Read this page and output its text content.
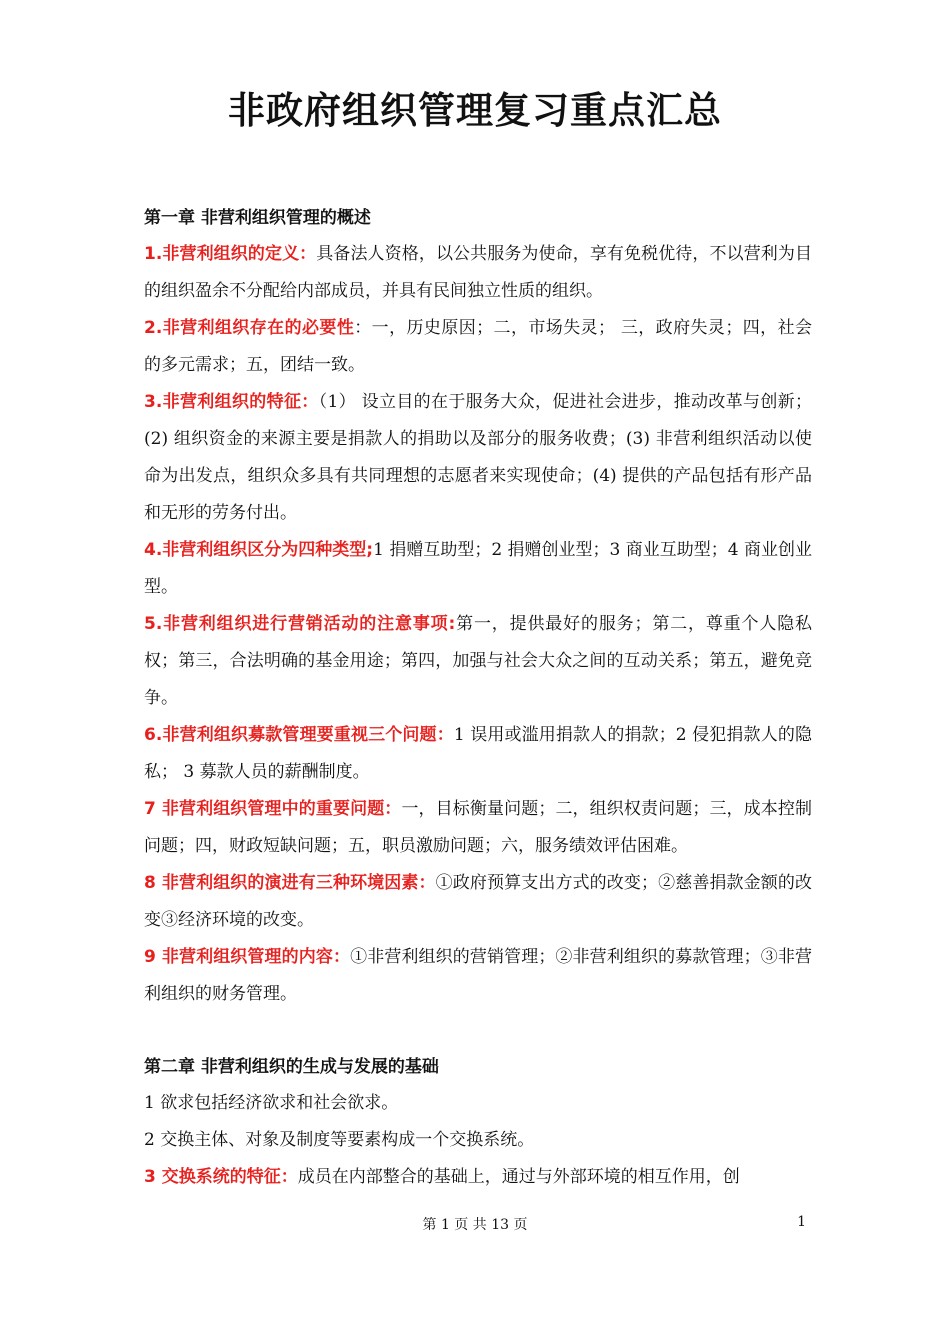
非政府组织管理复习重点汇总
第一章 非营利组织管理的概述
1.非营利组织的定义：具备法人资格，以公共服务为使命，享有免税优待，不以营利为目的组织盈余不分配给内部成员，并具有民间独立性质的组织。
2.非营利组织存在的必要性：一，历史原因；二，市场失灵； 三，政府失灵；四，社会的多元需求；五，团结一致。
3.非营利组织的特征：（1） 设立目的在于服务大众，促进社会进步，推动改革与创新；(2) 组织资金的来源主要是捐款人的捐助以及部分的服务收费；(3) 非营利组织活动以使命为出发点，组织众多具有共同理想的志愿者来实现使命；(4) 提供的产品包括有形产品和无形的劳务付出。
4.非营利组织区分为四种类型;1 捐赠互助型；2 捐赠创业型；3 商业互助型；4 商业创业型。
5.非营利组织进行营销活动的注意事项:第一，提供最好的服务；第二，尊重个人隐私权；第三，合法明确的基金用途；第四，加强与社会大众之间的互动关系；第五，避免竞争。
6.非营利组织募款管理要重视三个问题：1 误用或滥用捐款人的捐款；2 侵犯捐款人的隐私； 3 募款人员的薪酬制度。
7 非营利组织管理中的重要问题：一，目标衡量问题；二，组织权责问题；三，成本控制问题；四，财政短缺问题；五，职员激励问题；六，服务绩效评估困难。
8 非营利组织的演进有三种环境因素：①政府预算支出方式的改变；②慈善捐款金额的改变③经济环境的改变。
9 非营利组织管理的内容：①非营利组织的营销管理；②非营利组织的募款管理；③非营利组织的财务管理。
第二章 非营利组织的生成与发展的基础
1 欲求包括经济欲求和社会欲求。
2 交换主体、对象及制度等要素构成一个交换系统。
3 交换系统的特征：成员在内部整合的基础上，通过与外部环境的相互作用，创
第 1 页 共 13 页	1
